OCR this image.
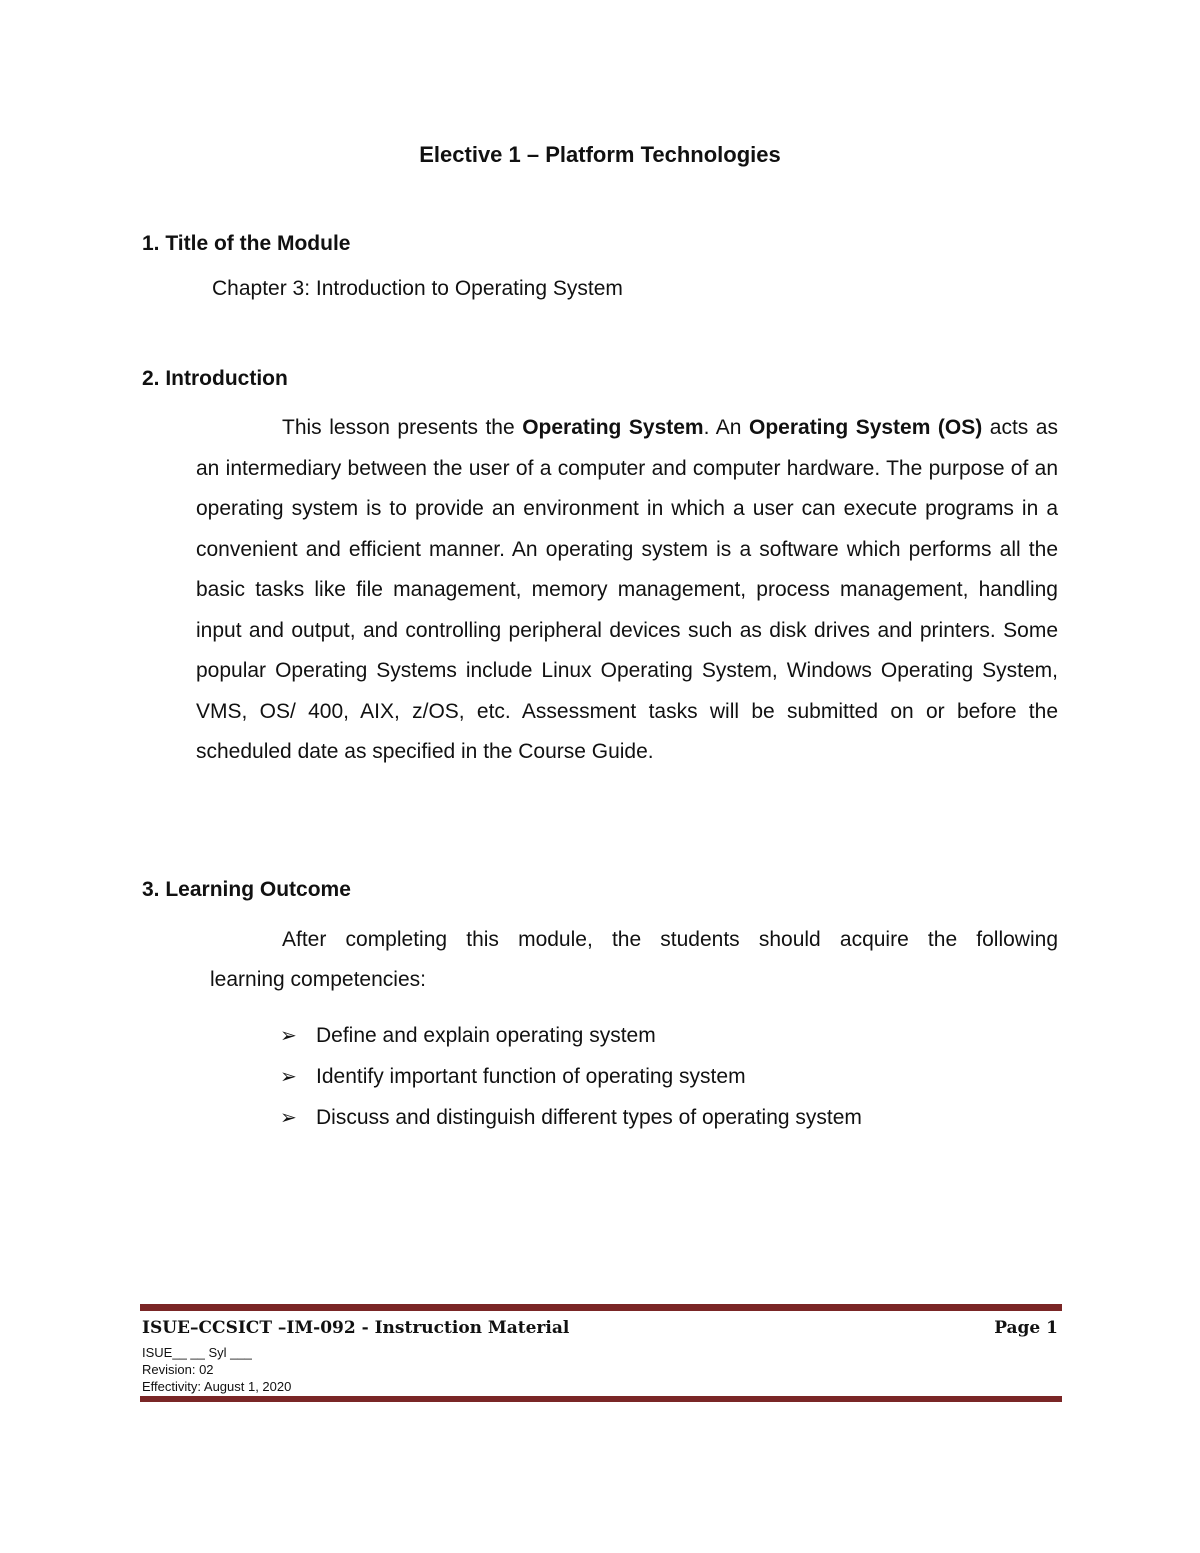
Elective 1 – Platform Technologies
1. Title of the Module
Chapter 3: Introduction to Operating System
2. Introduction

This lesson presents the Operating System. An Operating System (OS) acts as an intermediary between the user of a computer and computer hardware. The purpose of an operating system is to provide an environment in which a user can execute programs in a convenient and efficient manner. An operating system is a software which performs all the basic tasks like file management, memory management, process management, handling input and output, and controlling peripheral devices such as disk drives and printers. Some popular Operating Systems include Linux Operating System, Windows Operating System, VMS, OS/ 400, AIX, z/OS, etc. Assessment tasks will be submitted on or before the scheduled date as specified in the Course Guide.

3. Learning Outcome

After completing this module, the students should acquire the following
learning competencies:

➢ Define and explain operating system
➢ Identify important function of operating system
➢ Discuss and distinguish different types of operating system
ISUE–CCSICT –IM-092 - Instruction Material	Page 1
ISUE__ __ Syl ___
Revision: 02
Effectivity: August 1, 2020
